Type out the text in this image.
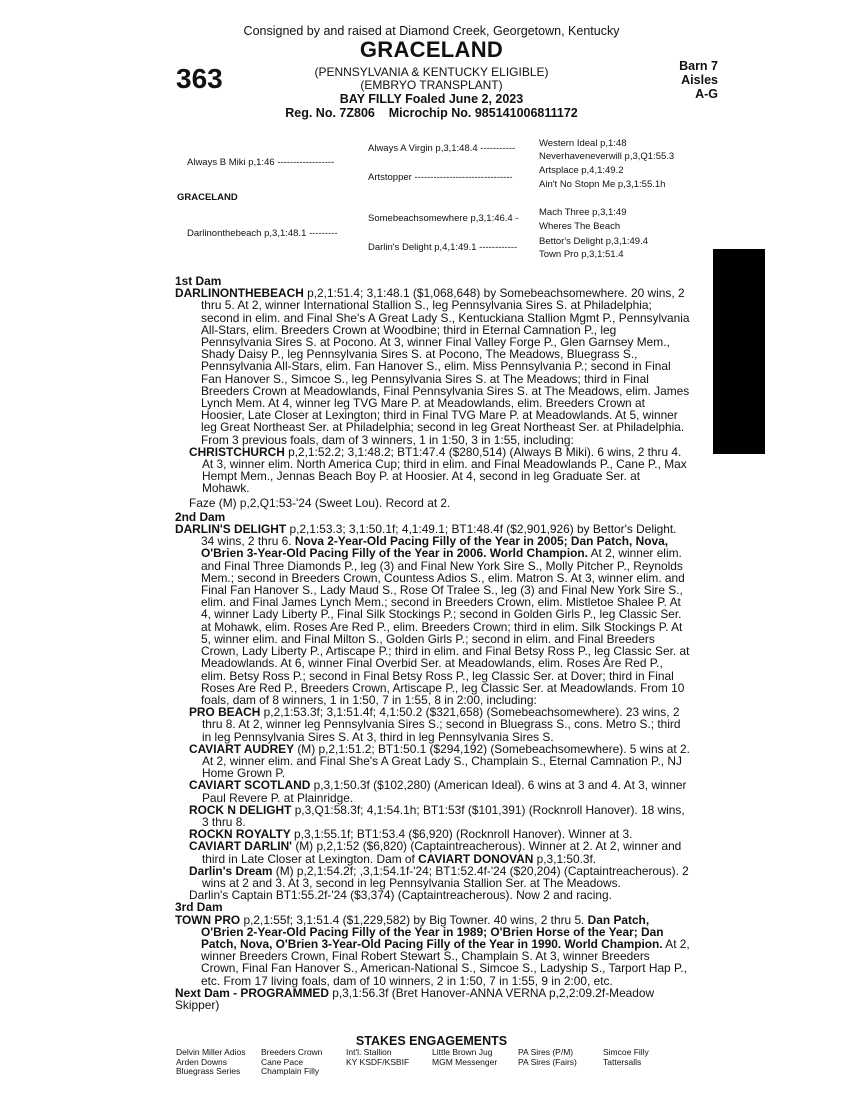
Consigned by and raised at Diamond Creek, Georgetown, Kentucky
GRACELAND
363	Barn 7
Aisles
A-G
(PENNSYLVANIA & KENTUCKY ELIGIBLE)
(EMBRYO TRANSPLANT)
BAY FILLY Foaled June 2, 2023
Reg. No. 7Z806    Microchip No. 985141006811172
Always B Miki p,1:46 ------------------
GRACELAND
Darlinonthebeach p,3,1:48.1 ---------
Always A Virgin p,3,1:48.4 -----------
Artstopper -------------------------------
Somebeachsomewhere p,3,1:46.4 -
Darlin's Delight p,4,1:49.1 ------------
Western Ideal p,1:48
Neverhaveneverwill p,3,Q1:55.3
Artsplace p,4,1:49.2
Ain't No Stopn Me p,3,1:55.1h
Mach Three p,3,1:49
Wheres The Beach
Bettor's Delight p,3,1:49.4
Town Pro p,3,1:51.4

1st Dam

DARLINONTHEBEACH p,2,1:51.4; 3,1:48.1 ($1,068,648) by Somebeachsomewhere. 20 wins, 2 thru 5. At 2, winner International Stallion S., leg Pennsylvania Sires S. at Philadelphia; second in elim. and Final She's A Great Lady S., Kentuckiana Stallion Mgmt P., Pennsylvania All-Stars, elim. Breeders Crown at Woodbine; third in Eternal Camnation P., leg Pennsylvania Sires S. at Pocono. At 3, winner Final Valley Forge P., Glen Garnsey Mem., Shady Daisy P., leg Pennsylvania Sires S. at Pocono, The Meadows, Bluegrass S., Pennsylvania All-Stars, elim. Fan Hanover S., elim. Miss Pennsylvania P.; second in Final Fan Hanover S., Simcoe S., leg Pennsylvania Sires S. at The Meadows; third in Final Breeders Crown at Meadowlands, Final Pennsylvania Sires S. at The Meadows, elim. James Lynch Mem. At 4, winner leg TVG Mare P. at Meadowlands, elim. Breeders Crown at Hoosier, Late Closer at Lexington; third in Final TVG Mare P. at Meadowlands. At 5, winner leg Great Northeast Ser. at Philadelphia; second in leg Great Northeast Ser. at Philadelphia. From 3 previous foals, dam of 3 winners, 1 in 1:50, 3 in 1:55, including:

CHRISTCHURCH p,2,1:52.2; 3,1:48.2; BT1:47.4 ($280,514) (Always B Miki). 6 wins, 2 thru 4. At 3, winner elim. North America Cup; third in elim. and Final Meadowlands P., Cane P., Max Hempt Mem., Jennas Beach Boy P. at Hoosier. At 4, second in leg Graduate Ser. at Mohawk.

Faze (M) p,2,Q1:53-'24 (Sweet Lou). Record at 2.

2nd Dam

DARLIN'S DELIGHT p,2,1:53.3; 3,1:50.1f; 4,1:49.1; BT1:48.4f ($2,901,926) by Bettor's Delight. 34 wins, 2 thru 6. Nova 2-Year-Old Pacing Filly of the Year in 2005; Dan Patch, Nova, O'Brien 3-Year-Old Pacing Filly of the Year in 2006. World Champion. At 2, winner elim. and Final Three Diamonds P., leg (3) and Final New York Sire S., Molly Pitcher P., Reynolds Mem.; second in Breeders Crown, Countess Adios S., elim. Matron S. At 3, winner elim. and Final Fan Hanover S., Lady Maud S., Rose Of Tralee S., leg (3) and Final New York Sire S., elim. and Final James Lynch Mem.; second in Breeders Crown, elim. Mistletoe Shalee P. At 4, winner Lady Liberty P., Final Silk Stockings P.; second in Golden Girls P., leg Classic Ser. at Mohawk, elim. Roses Are Red P., elim. Breeders Crown; third in elim. Silk Stockings P. At 5, winner elim. and Final Milton S., Golden Girls P.; second in elim. and Final Breeders Crown, Lady Liberty P., Artiscape P.; third in elim. and Final Betsy Ross P., leg Classic Ser. at Meadowlands. At 6, winner Final Overbid Ser. at Meadowlands, elim. Roses Are Red P., elim. Betsy Ross P.; second in Final Betsy Ross P., leg Classic Ser. at Dover; third in Final Roses Are Red P., Breeders Crown, Artiscape P., leg Classic Ser. at Meadowlands. From 10 foals, dam of 8 winners, 1 in 1:50, 7 in 1:55, 8 in 2:00, including:

PRO BEACH p,2,1:53.3f; 3,1:51.4f; 4,1:50.2 ($321,658) (Somebeachsomewhere). 23 wins, 2 thru 8. At 2, winner leg Pennsylvania Sires S.; second in Bluegrass S., cons. Metro S.; third in leg Pennsylvania Sires S. At 3, third in leg Pennsylvania Sires S.

CAVIART AUDREY (M) p,2,1:51.2; BT1:50.1 ($294,192) (Somebeachsomewhere). 5 wins at 2. At 2, winner elim. and Final She's A Great Lady S., Champlain S., Eternal Camnation P., NJ Home Grown P.

CAVIART SCOTLAND p,3,1:50.3f ($102,280) (American Ideal). 6 wins at 3 and 4. At 3, winner Paul Revere P. at Plainridge.

ROCK N DELIGHT p,3,Q1:58.3f; 4,1:54.1h; BT1:53f ($101,391) (Rocknroll Hanover). 18 wins, 3 thru 8.

ROCKN ROYALTY p,3,1:55.1f; BT1:53.4 ($6,920) (Rocknroll Hanover). Winner at 3.

CAVIART DARLIN' (M) p,2,1:52 ($6,820) (Captaintreacherous). Winner at 2. At 2, winner and third in Late Closer at Lexington. Dam of CAVIART DONOVAN p,3,1:50.3f.

Darlin's Dream (M) p,2,1:54.2f; ,3,1:54.1f-'24; BT1:52.4f-'24 ($20,204) (Captaintreacherous). 2 wins at 2 and 3. At 3, second in leg Pennsylvania Stallion Ser. at The Meadows.

Darlin's Captain BT1:55.2f-'24 ($3,374) (Captaintreacherous). Now 2 and racing.

3rd Dam

TOWN PRO p,2,1:55f; 3,1:51.4 ($1,229,582) by Big Towner. 40 wins, 2 thru 5. Dan Patch, O'Brien 2-Year-Old Pacing Filly of the Year in 1989; O'Brien Horse of the Year; Dan Patch, Nova, O'Brien 3-Year-Old Pacing Filly of the Year in 1990. World Champion. At 2, winner Breeders Crown, Final Robert Stewart S., Champlain S. At 3, winner Breeders Crown, Final Fan Hanover S., American-National S., Simcoe S., Ladyship S., Tarport Hap P., etc. From 17 living foals, dam of 10 winners, 2 in 1:50, 7 in 1:55, 9 in 2:00, etc.

Next Dam - PROGRAMMED p,3,1:56.3f (Bret Hanover-ANNA VERNA p,2,2:09.2f-Meadow Skipper)

STAKES ENGAGEMENTS
Delvin Miller Adios
Arden Downs
Bluegrass Series
Breeders Crown
Cane Pace
Champlain Filly
Int'l. Stallion
KY KSDF/KSBIF
Little Brown Jug
MGM Messenger
PA Sires (P/M)
PA Sires (Fairs)
Simcoe Filly
Tattersalls
